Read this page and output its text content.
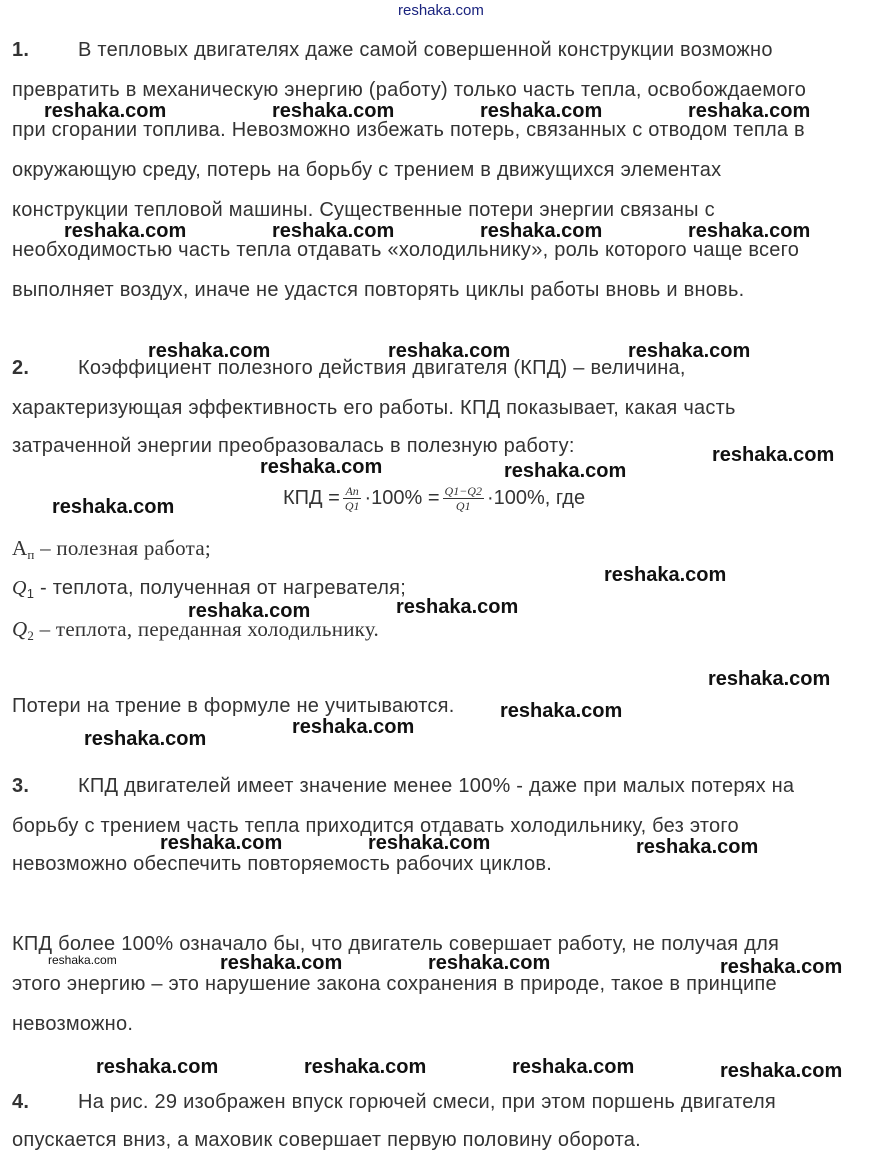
reshaka.com
1. В тепловых двигателях даже самой совершенной конструкции возможно
превратить в механическую энергию (работу) только часть тепла, освобождаемого
при сгорании топлива. Невозможно избежать потерь, связанных с отводом тепла в
окружающую среду, потерь на борьбу с трением в движущихся элементах
конструкции тепловой машины. Существенные потери энергии связаны с
необходимостью часть тепла отдавать «холодильнику», роль которого чаще всего
выполняет воздух, иначе не удастся повторять циклы работы вновь и вновь.
2. Коэффициент полезного действия двигателя (КПД) – величина,
характеризующая эффективность его работы. КПД показывает, какая часть
затраченной энергии преобразовалась в полезную работу:
КПД = $\frac{Aп}{Q1} \cdot 100\% = \frac{Q1-Q2}{Q1} \cdot 100\%$, где
$А_п$ – полезная работа;
$Q_1$ - теплота, полученная от нагревателя;
$Q_2$ – теплота, переданная холодильнику.
Потери на трение в формуле не учитываются.
3. КПД двигателей имеет значение менее 100% - даже при малых потерях на
борьбу с трением часть тепла приходится отдавать холодильнику, без этого
невозможно обеспечить повторяемость рабочих циклов.
КПД более 100% означало бы, что двигатель совершает работу, не получая для
этого энергию – это нарушение закона сохранения в природе, такое в принципе
невозможно.
4. На рис. 29 изображен впуск горючей смеси, при этом поршень двигателя
опускается вниз, а маховик совершает первую половину оборота.
reshaka.com	reshaka.com	reshaka.com	reshaka.com
reshaka.com	reshaka.com	reshaka.com	reshaka.com
reshaka.com	reshaka.com	reshaka.com
reshaka.com	reshaka.com
reshaka.com
reshaka.com
reshaka.com
reshaka.com	reshaka.com
reshaka.com
reshaka.com
reshaka.com
reshaka.com
reshaka.com	reshaka.com	reshaka.com
reshaka.com	reshaka.com	reshaka.com	reshaka.com
reshaka.com	reshaka.com	reshaka.com	reshaka.com
